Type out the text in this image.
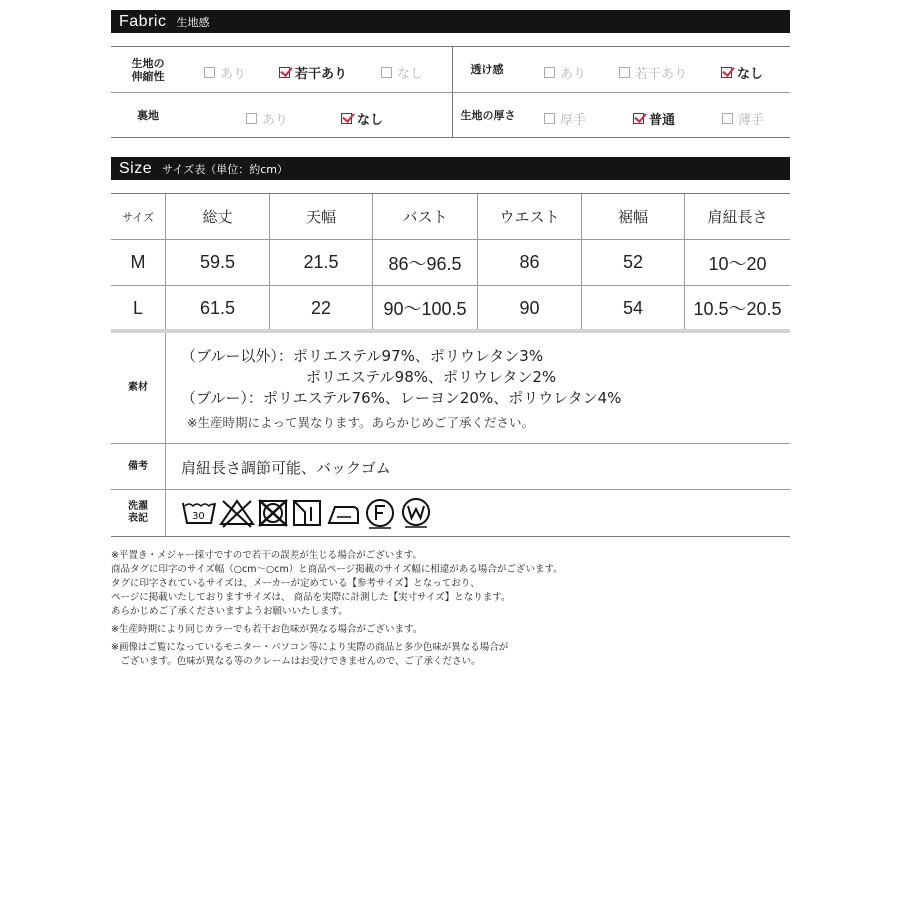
Fabric 生地感
生地の
伸縮性	あり	若干あり	なし	透け感	あり	若干あり	なし
裏地	あり	なし	生地の厚さ	厚手	普通	薄手
Size サイズ表（単位：約cm）
サイズ	総丈	天幅	バスト	ウエスト	裾幅	肩紐長さ
M	59.5	21.5	86〜96.5	86	52	10〜20
L	61.5	22	90〜100.5	90	54	10.5〜20.5
素材
（ブルー以外）：ポリエステル97%、ポリウレタン3%
ポリエステル98%、ポリウレタン2%
（ブルー）：ポリエステル76%、レーヨン20%、ポリウレタン4%
※生産時期によって異なります。あらかじめご了承ください。
備考	肩紐長さ調節可能、バックゴム
洗濯
表記	30

※平置き・メジャー採寸ですので若干の誤差が生じる場合がございます。

商品タグに印字のサイズ幅（○cm〜○cm）と商品ページ掲載のサイズ幅に相違がある場合がございます。

タグに印字されているサイズは、メーカーが定めている【参考サイズ】となっており、

ページに掲載いたしておりますサイズは、 商品を実際に計測した【実寸サイズ】となります。

あらかじめご了承くださいますようお願いいたします。

※生産時期により同じカラーでも若干お色味が異なる場合がございます。

※画像はご覧になっているモニター・パソコン等により実際の商品と多少色味が異なる場合が

　ございます。色味が異なる等のクレームはお受けできませんので、ご了承ください。
